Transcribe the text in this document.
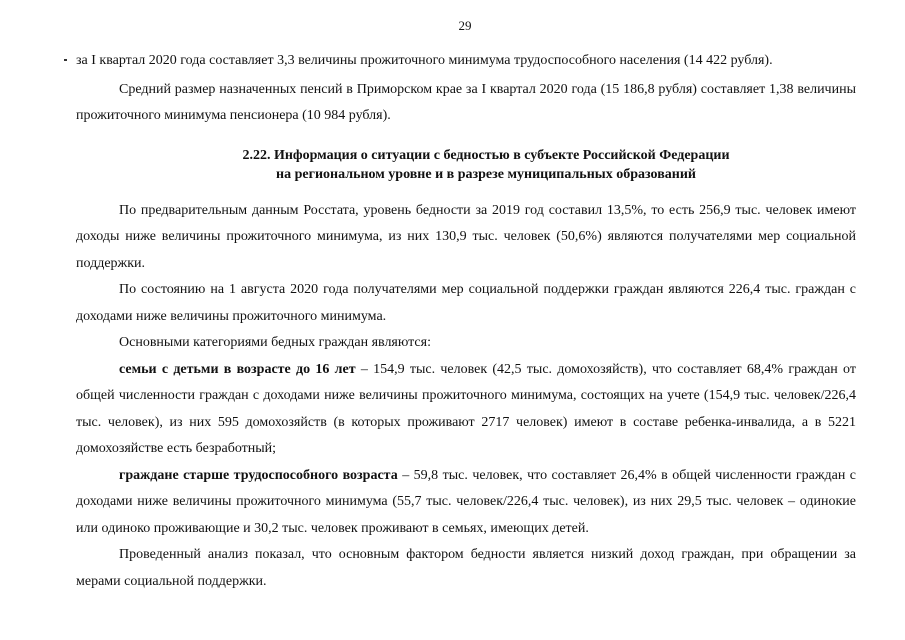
29

за I квартал 2020 года составляет 3,3 величины прожиточного минимума трудоспособного населения (14 422 рубля).

Средний размер назначенных пенсий в Приморском крае за I квартал 2020 года (15 186,8 рубля) составляет 1,38 величины прожиточного минимума пенсионера (10 984 рубля).

2.22. Информация о ситуации с бедностью в субъекте Российской Федерации
на региональном уровне и в разрезе муниципальных образований

По предварительным данным Росстата, уровень бедности за 2019 год составил 13,5%, то есть 256,9 тыс. человек имеют доходы ниже величины прожиточного минимума, из них 130,9 тыс. человек (50,6%) являются получателями мер социальной поддержки.

По состоянию на 1 августа 2020 года получателями мер социальной поддержки граждан являются 226,4 тыс. граждан с доходами ниже величины прожиточного минимума.

Основными категориями бедных граждан являются:

семьи с детьми в возрасте до 16 лет – 154,9 тыс. человек (42,5 тыс. домохозяйств), что составляет 68,4% граждан от общей численности граждан с доходами ниже величины прожиточного минимума, состоящих на учете (154,9 тыс. человек/226,4 тыс. человек), из них 595 домохозяйств (в которых проживают 2717 человек) имеют в составе ребенка-инвалида, а в 5221 домохозяйстве есть безработный;

граждане старше трудоспособного возраста – 59,8 тыс. человек, что составляет 26,4% в общей численности граждан с доходами ниже величины прожиточного минимума (55,7 тыс. человек/226,4 тыс. человек), из них 29,5 тыс. человек – одинокие или одиноко проживающие и 30,2 тыс. человек проживают в семьях, имеющих детей.

Проведенный анализ показал, что основным фактором бедности является низкий доход граждан, при обращении за мерами социальной поддержки.
